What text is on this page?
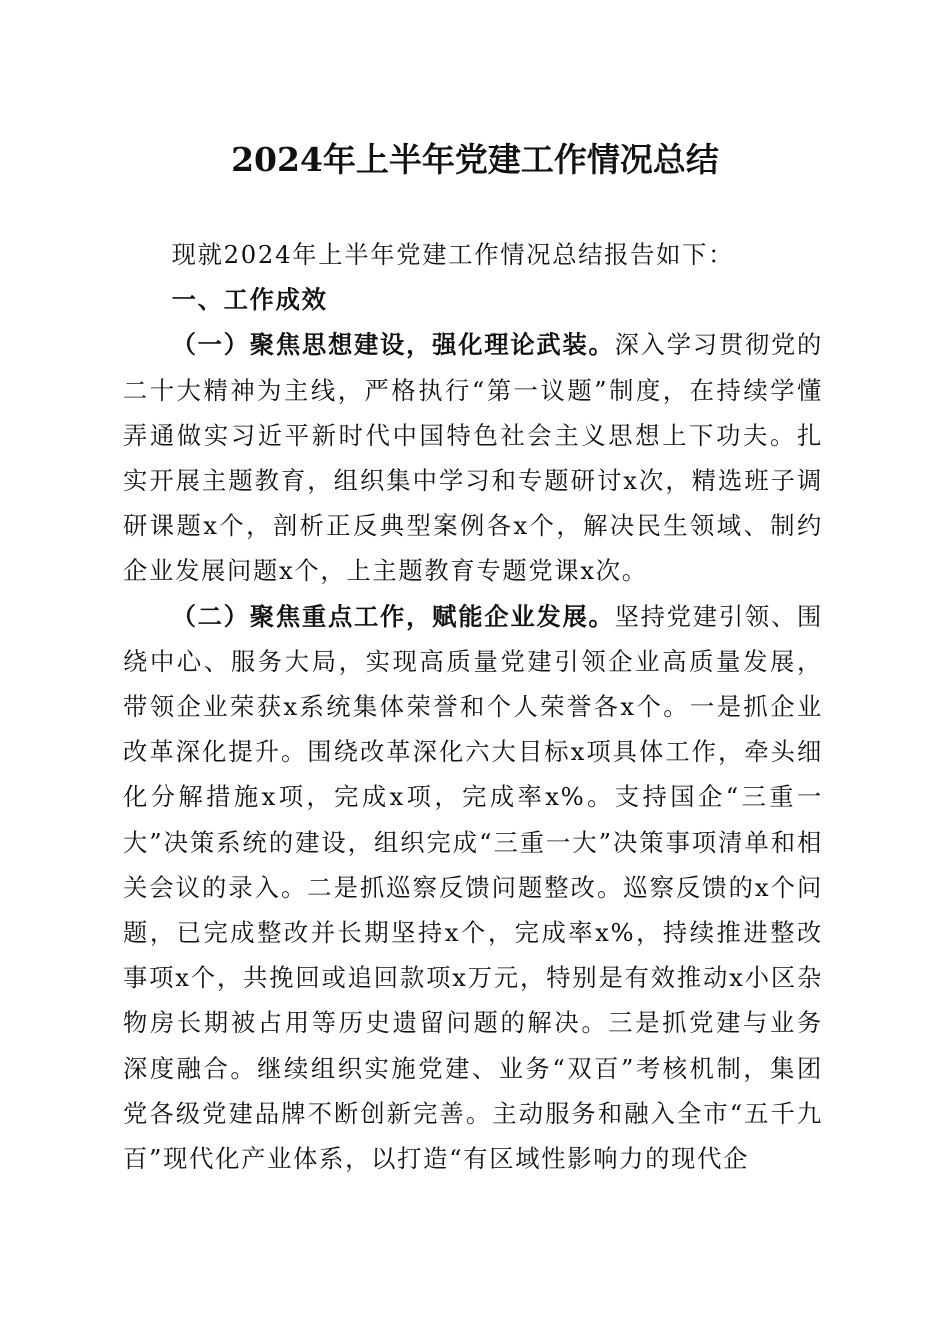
2024年上半年党建工作情况总结

现就2024年上半年党建工作情况总结报告如下：

一、工作成效

（一）聚焦思想建设，强化理论武装。深入学习贯彻党的二十大精神为主线，严格执行“第一议题”制度，在持续学懂弄通做实习近平新时代中国特色社会主义思想上下功夫。扎实开展主题教育，组织集中学习和专题研讨x次，精选班子调研课题x个，剖析正反典型案例各x个，解决民生领域、制约企业发展问题x个，上主题教育专题党课x次。

（二）聚焦重点工作，赋能企业发展。坚持党建引领、围绕中心、服务大局，实现高质量党建引领企业高质量发展，带领企业荣获x系统集体荣誉和个人荣誉各x个。一是抓企业改革深化提升。围绕改革深化六大目标x项具体工作，牵头细化分解措施x项，完成x项，完成率x%。支持国企“三重一大”决策系统的建设，组织完成“三重一大”决策事项清单和相关会议的录入。二是抓巡察反馈问题整改。巡察反馈的x个问题，已完成整改并长期坚持x个，完成率x%，持续推进整改事项x个，共挽回或追回款项x万元，特别是有效推动x小区杂物房长期被占用等历史遗留问题的解决。三是抓党建与业务深度融合。继续组织实施党建、业务“双百”考核机制，集团党各级党建品牌不断创新完善。主动服务和融入全市“五千九百”现代化产业体系，以打造“有区域性影响力的现代企
